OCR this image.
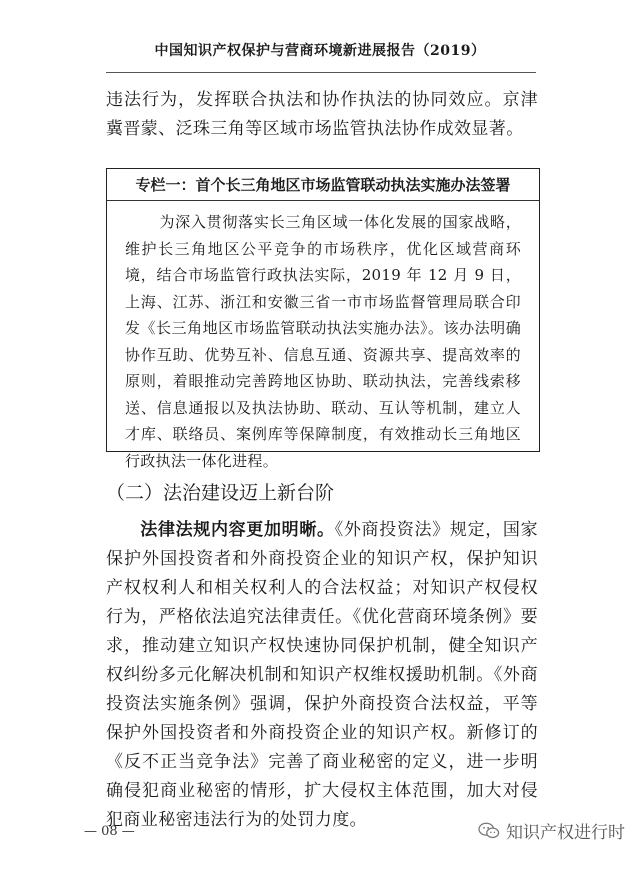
中国知识产权保护与营商环境新进展报告（2019）

违法行为，发挥联合执法和协作执法的协同效应。京津冀晋蒙、泛珠三角等区域市场监管执法协作成效显著。

专栏一：首个长三角地区市场监管联动执法实施办法签署

为深入贯彻落实长三角区域一体化发展的国家战略，维护长三角地区公平竞争的市场秩序，优化区域营商环境，结合市场监管行政执法实际，2019 年 12 月 9 日，上海、江苏、浙江和安徽三省一市市场监督管理局联合印发《长三角地区市场监管联动执法实施办法》。该办法明确协作互助、优势互补、信息互通、资源共享、提高效率的原则，着眼推动完善跨地区协助、联动执法，完善线索移送、信息通报以及执法协助、联动、互认等机制，建立人才库、联络员、案例库等保障制度，有效推动长三角地区行政执法一体化进程。

（二）法治建设迈上新台阶

法律法规内容更加明晰。《外商投资法》规定，国家保护外国投资者和外商投资企业的知识产权，保护知识产权权利人和相关权利人的合法权益；对知识产权侵权行为，严格依法追究法律责任。《优化营商环境条例》要求，推动建立知识产权快速协同保护机制，健全知识产权纠纷多元化解决机制和知识产权维权援助机制。《外商投资法实施条例》强调，保护外商投资合法权益，平等保护外国投资者和外商投资企业的知识产权。新修订的《反不正当竞争法》完善了商业秘密的定义，进一步明确侵犯商业秘密的情形，扩大侵权主体范围，加大对侵犯商业秘密违法行为的处罚力度。

— 08 —	知识产权进行时
